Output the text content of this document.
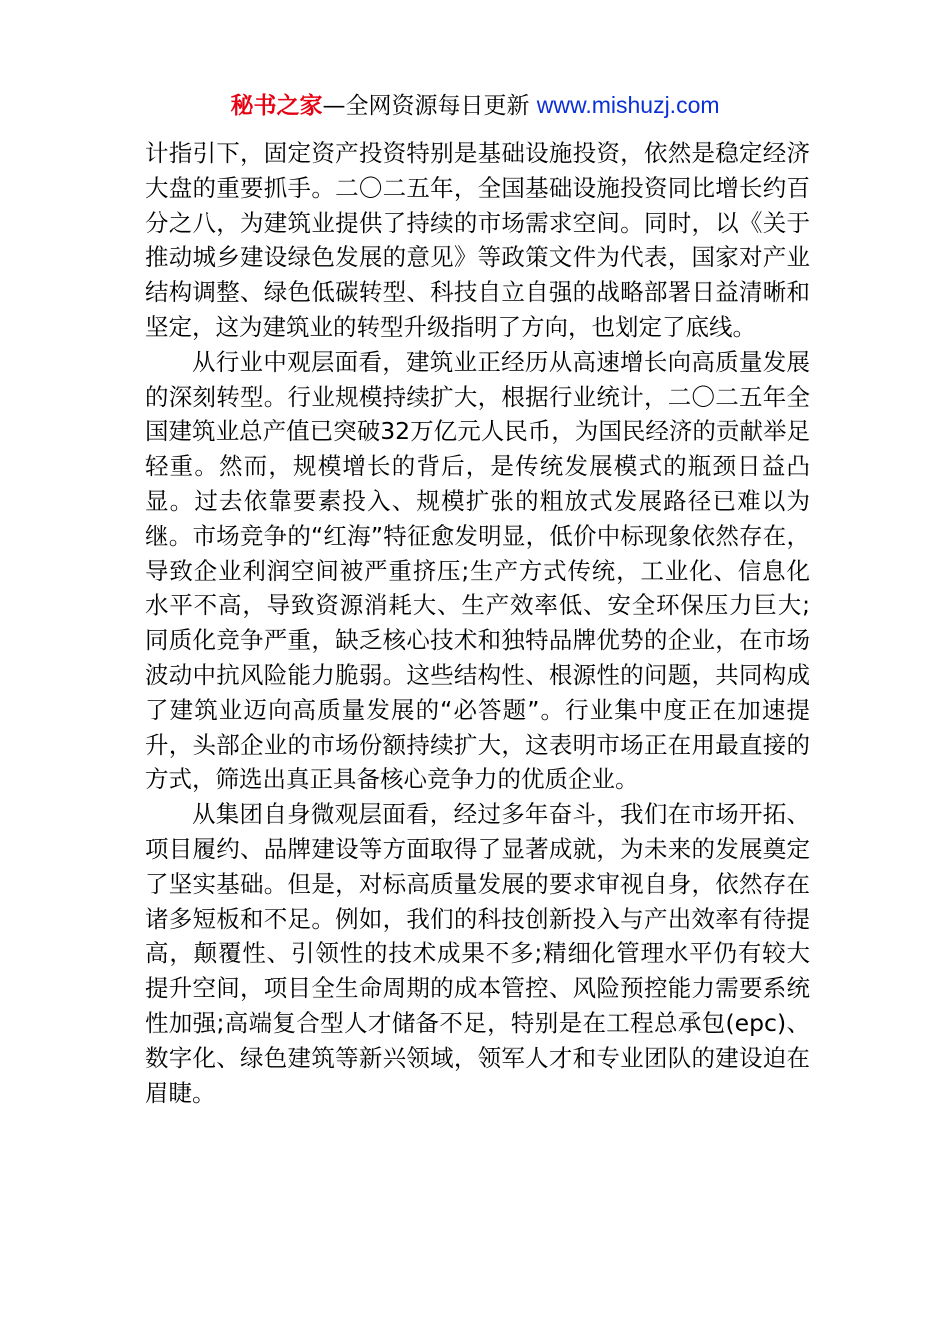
秘书之家—全网资源每日更新 www.mishuzj.com

计指引下，固定资产投资特别是基础设施投资，依然是稳定经济大盘的重要抓手。二〇二五年，全国基础设施投资同比增长约百分之八，为建筑业提供了持续的市场需求空间。同时，以《关于推动城乡建设绿色发展的意见》等政策文件为代表，国家对产业结构调整、绿色低碳转型、科技自立自强的战略部署日益清晰和坚定，这为建筑业的转型升级指明了方向，也划定了底线。

从行业中观层面看，建筑业正经历从高速增长向高质量发展的深刻转型。行业规模持续扩大，根据行业统计，二〇二五年全国建筑业总产值已突破32万亿元人民币，为国民经济的贡献举足轻重。然而，规模增长的背后，是传统发展模式的瓶颈日益凸显。过去依靠要素投入、规模扩张的粗放式发展路径已难以为继。市场竞争的“红海”特征愈发明显，低价中标现象依然存在，导致企业利润空间被严重挤压;生产方式传统，工业化、信息化水平不高，导致资源消耗大、生产效率低、安全环保压力巨大;同质化竞争严重，缺乏核心技术和独特品牌优势的企业，在市场波动中抗风险能力脆弱。这些结构性、根源性的问题，共同构成了建筑业迈向高质量发展的“必答题”。行业集中度正在加速提升，头部企业的市场份额持续扩大，这表明市场正在用最直接的方式，筛选出真正具备核心竞争力的优质企业。

从集团自身微观层面看，经过多年奋斗，我们在市场开拓、项目履约、品牌建设等方面取得了显著成就，为未来的发展奠定了坚实基础。但是，对标高质量发展的要求审视自身，依然存在诸多短板和不足。例如，我们的科技创新投入与产出效率有待提高，颠覆性、引领性的技术成果不多;精细化管理水平仍有较大提升空间，项目全生命周期的成本管控、风险预控能力需要系统性加强;高端复合型人才储备不足，特别是在工程总承包(epc)、数字化、绿色建筑等新兴领域，领军人才和专业团队的建设迫在眉睫。
